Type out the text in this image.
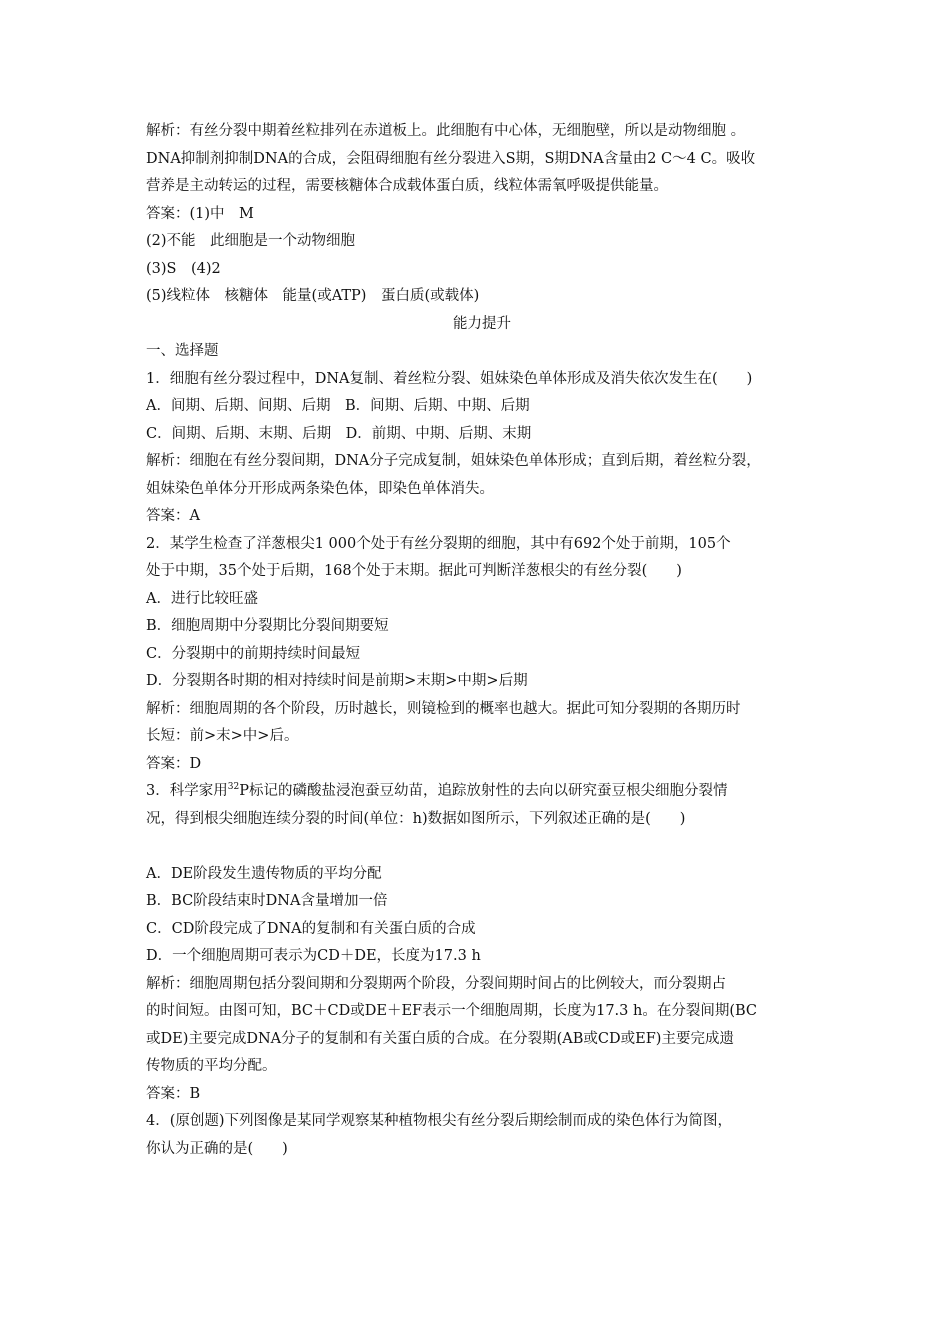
解析：有丝分裂中期着丝粒排列在赤道板上。此细胞有中心体，无细胞壁，所以是动物细胞 。
DNA抑制剂抑制DNA的合成，会阻碍细胞有丝分裂进入S期，S期DNA含量由2 C～4 C。吸收
营养是主动转运的过程，需要核糖体合成载体蛋白质，线粒体需氧呼吸提供能量。
答案：(1)中　M
(2)不能　此细胞是一个动物细胞
(3)S　(4)2
(5)线粒体　核糖体　能量(或ATP)　蛋白质(或载体)
能力提升
一、选择题
1．细胞有丝分裂过程中，DNA复制、着丝粒分裂、姐妹染色单体形成及消失依次发生在(　　)
A．间期、后期、间期、后期　B．间期、后期、中期、后期
C．间期、后期、末期、后期　D．前期、中期、后期、末期
解析：细胞在有丝分裂间期，DNA分子完成复制，姐妹染色单体形成；直到后期，着丝粒分裂，
姐妹染色单体分开形成两条染色体，即染色单体消失。
答案：A
2．某学生检查了洋葱根尖1 000个处于有丝分裂期的细胞，其中有692个处于前期，105个
处于中期，35个处于后期，168个处于末期。据此可判断洋葱根尖的有丝分裂(　　)
A．进行比较旺盛
B．细胞周期中分裂期比分裂间期要短
C．分裂期中的前期持续时间最短
D．分裂期各时期的相对持续时间是前期>末期>中期>后期
解析：细胞周期的各个阶段，历时越长，则镜检到的概率也越大。据此可知分裂期的各期历时
长短：前>末>中>后。
答案：D
3．科学家用$^{32}$P标记的磷酸盐浸泡蚕豆幼苗，追踪放射性的去向以研究蚕豆根尖细胞分裂情
况，得到根尖细胞连续分裂的时间(单位：h)数据如图所示，下列叙述正确的是(　　)
A．DE阶段发生遗传物质的平均分配
B．BC阶段结束时DNA含量增加一倍
C．CD阶段完成了DNA的复制和有关蛋白质的合成
D．一个细胞周期可表示为CD＋DE，长度为17.3 h
解析：细胞周期包括分裂间期和分裂期两个阶段，分裂间期时间占的比例较大，而分裂期占
的时间短。由图可知，BC＋CD或DE＋EF表示一个细胞周期，长度为17.3 h。在分裂间期(BC
或DE)主要完成DNA分子的复制和有关蛋白质的合成。在分裂期(AB或CD或EF)主要完成遗
传物质的平均分配。
答案：B
4．(原创题)下列图像是某同学观察某种植物根尖有丝分裂后期绘制而成的染色体行为简图，
你认为正确的是(　　)
